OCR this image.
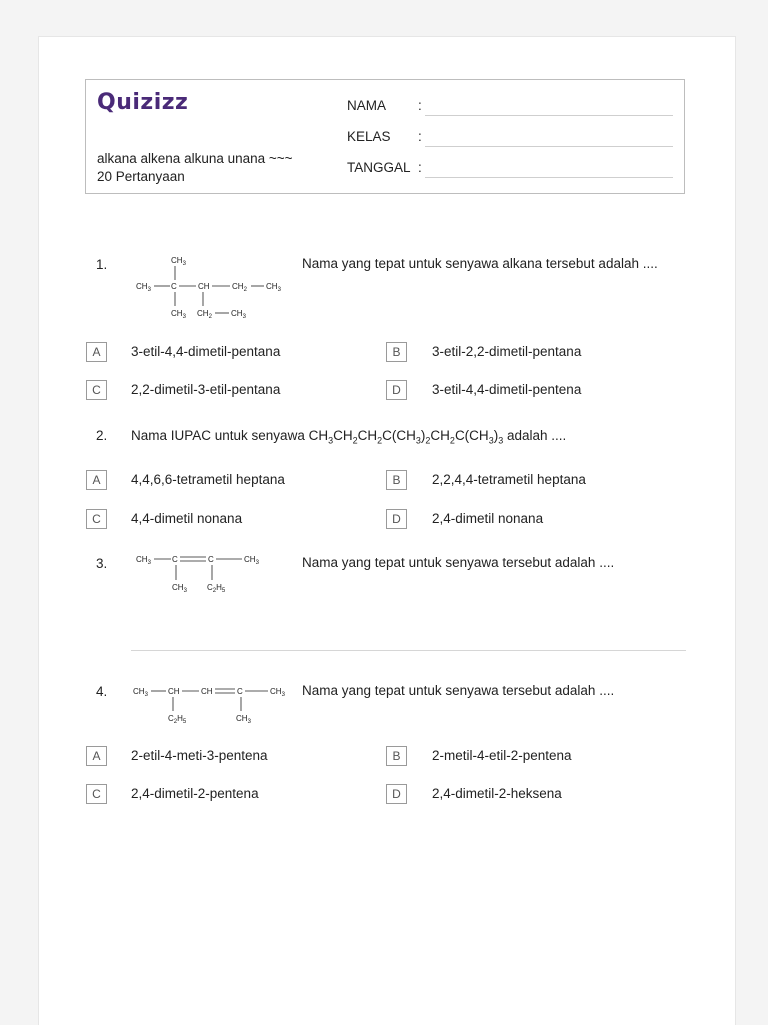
Quizizz
alkana alkena alkuna unana ~~~
20 Pertanyaan
NAMA :
KELAS :
TANGGAL :
1.	$CH_3$
$CH_3$	C	CH	$CH_2$ $CH_3$
$CH_3$ $CH_2$ $CH_3$
Nama yang tepat untuk senyawa alkana tersebut adalah ....
A	3-etil-4,4-dimetil-pentana	B	3-etil-2,2-dimetil-pentana
C	2,2-dimetil-3-etil-pentana	D	3-etil-4,4-dimetil-pentena
2. Nama IUPAC untuk senyawa $CH_3CH_2CH_2C(CH_3)_2CH_2C(CH_3)_3$ adalah ....
A	4,4,6,6-tetrametil heptana	B	2,2,4,4-tetrametil heptana
C	4,4-dimetil nonana	D	2,4-dimetil nonana
3.	$CH_3$	C	C	$CH_3$
$CH_3$	$C_2H_5$
Nama yang tepat untuk senyawa tersebut adalah ....
4.	$CH_3$	CH	CH	C	$CH_3$
$C_2H_5$	$CH_3$
Nama yang tepat untuk senyawa tersebut adalah ....
A	2-etil-4-meti-3-pentena	B	2-metil-4-etil-2-pentena
C	2,4-dimetil-2-pentena	D	2,4-dimetil-2-heksena
